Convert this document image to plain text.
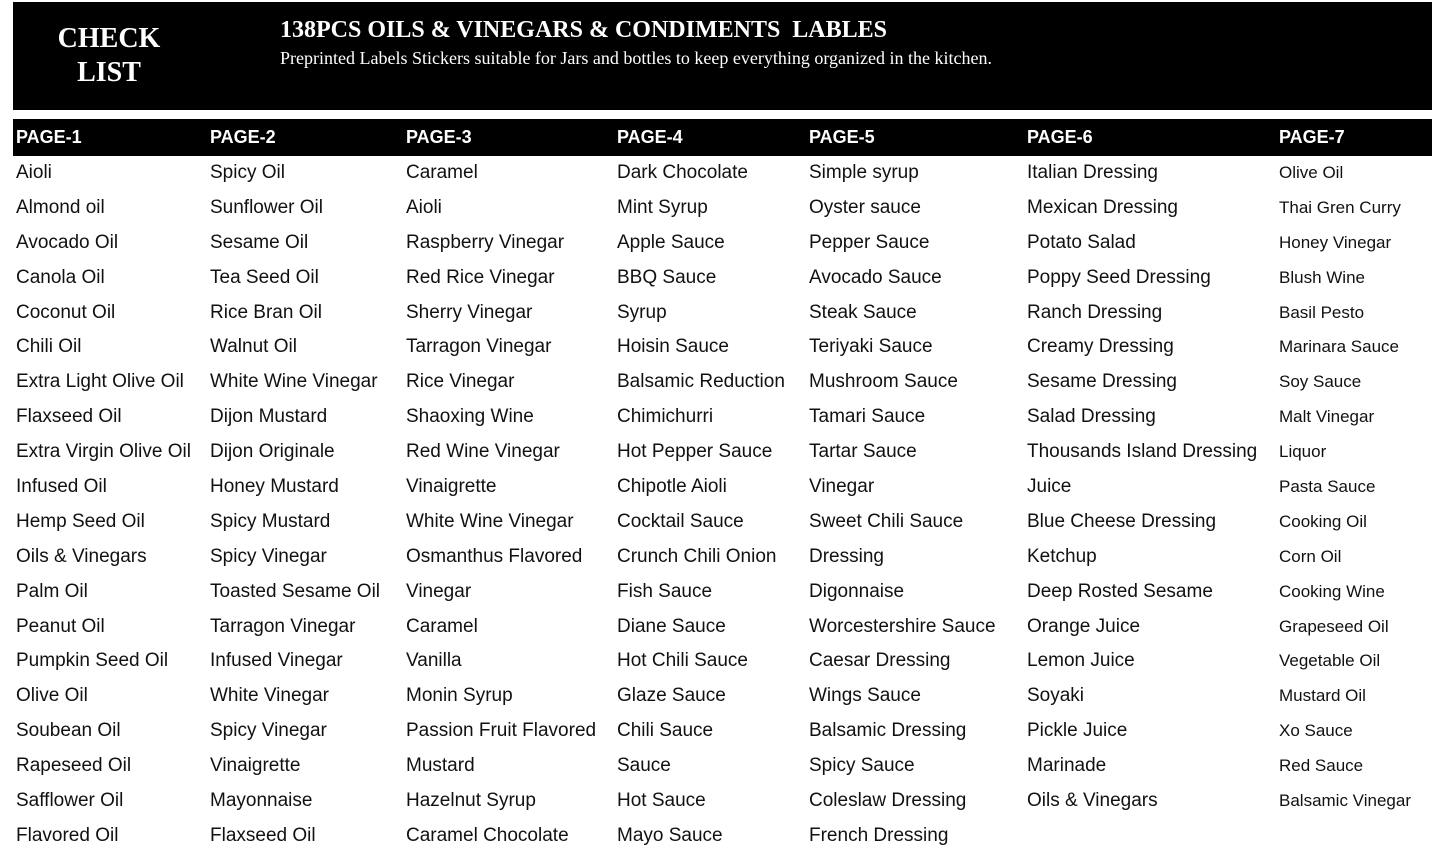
CHECK
LIST
138PCS OILS & VINEGARS & CONDIMENTS  LABLES
Preprinted Labels Stickers suitable for Jars and bottles to keep everything organized in the kitchen.
PAGE-1
Aioli
Almond oil
Avocado Oil
Canola Oil
Coconut Oil
Chili Oil
Extra Light Olive Oil
Flaxseed Oil
Extra Virgin Olive Oil
Infused Oil
Hemp Seed Oil
Oils & Vinegars
Palm Oil
Peanut Oil
Pumpkin Seed Oil
Olive Oil
Soubean Oil
Rapeseed Oil
Safflower Oil
Flavored Oil
PAGE-2
Spicy Oil
Sunflower Oil
Sesame Oil
Tea Seed Oil
Rice Bran Oil
Walnut Oil
White Wine Vinegar
Dijon Mustard
Dijon Originale
Honey Mustard
Spicy Mustard
Spicy Vinegar
Toasted Sesame Oil
Tarragon Vinegar
Infused Vinegar
White Vinegar
Spicy Vinegar
Vinaigrette
Mayonnaise
Flaxseed Oil
PAGE-3
Caramel
Aioli
Raspberry Vinegar
Red Rice Vinegar
Sherry Vinegar
Tarragon Vinegar
Rice Vinegar
Shaoxing Wine
Red Wine Vinegar
Vinaigrette
White Wine Vinegar
Osmanthus Flavored
Vinegar
Caramel
Vanilla
Monin Syrup
Passion Fruit Flavored
Mustard
Hazelnut Syrup
Caramel Chocolate
PAGE-4
Dark Chocolate
Mint Syrup
Apple Sauce
BBQ Sauce
Syrup
Hoisin Sauce
Balsamic Reduction
Chimichurri
Hot Pepper Sauce
Chipotle Aioli
Cocktail Sauce
Crunch Chili Onion
Fish Sauce
Diane Sauce
Hot Chili Sauce
Glaze Sauce
Chili Sauce
Sauce
Hot Sauce
Mayo Sauce
PAGE-5
Simple syrup
Oyster sauce
Pepper Sauce
Avocado Sauce
Steak Sauce
Teriyaki Sauce
Mushroom Sauce
Tamari Sauce
Tartar Sauce
Vinegar
Sweet Chili Sauce
Dressing
Digonnaise
Worcestershire Sauce
Caesar Dressing
Wings Sauce
Balsamic Dressing
Spicy Sauce
Coleslaw Dressing
French Dressing
PAGE-6
Italian Dressing
Mexican Dressing
Potato Salad
Poppy Seed Dressing
Ranch Dressing
Creamy Dressing
Sesame Dressing
Salad Dressing
Thousands Island Dressing
Juice
Blue Cheese Dressing
Ketchup
Deep Rosted Sesame
Orange Juice
Lemon Juice
Soyaki
Pickle Juice
Marinade
Oils & Vinegars
PAGE-7
Olive Oil
Thai Gren Curry
Honey Vinegar
Blush Wine
Basil Pesto
Marinara Sauce
Soy Sauce
Malt Vinegar
Liquor
Pasta Sauce
Cooking Oil
Corn Oil
Cooking Wine
Grapeseed Oil
Vegetable Oil
Mustard Oil
Xo Sauce
Red Sauce
Balsamic Vinegar
